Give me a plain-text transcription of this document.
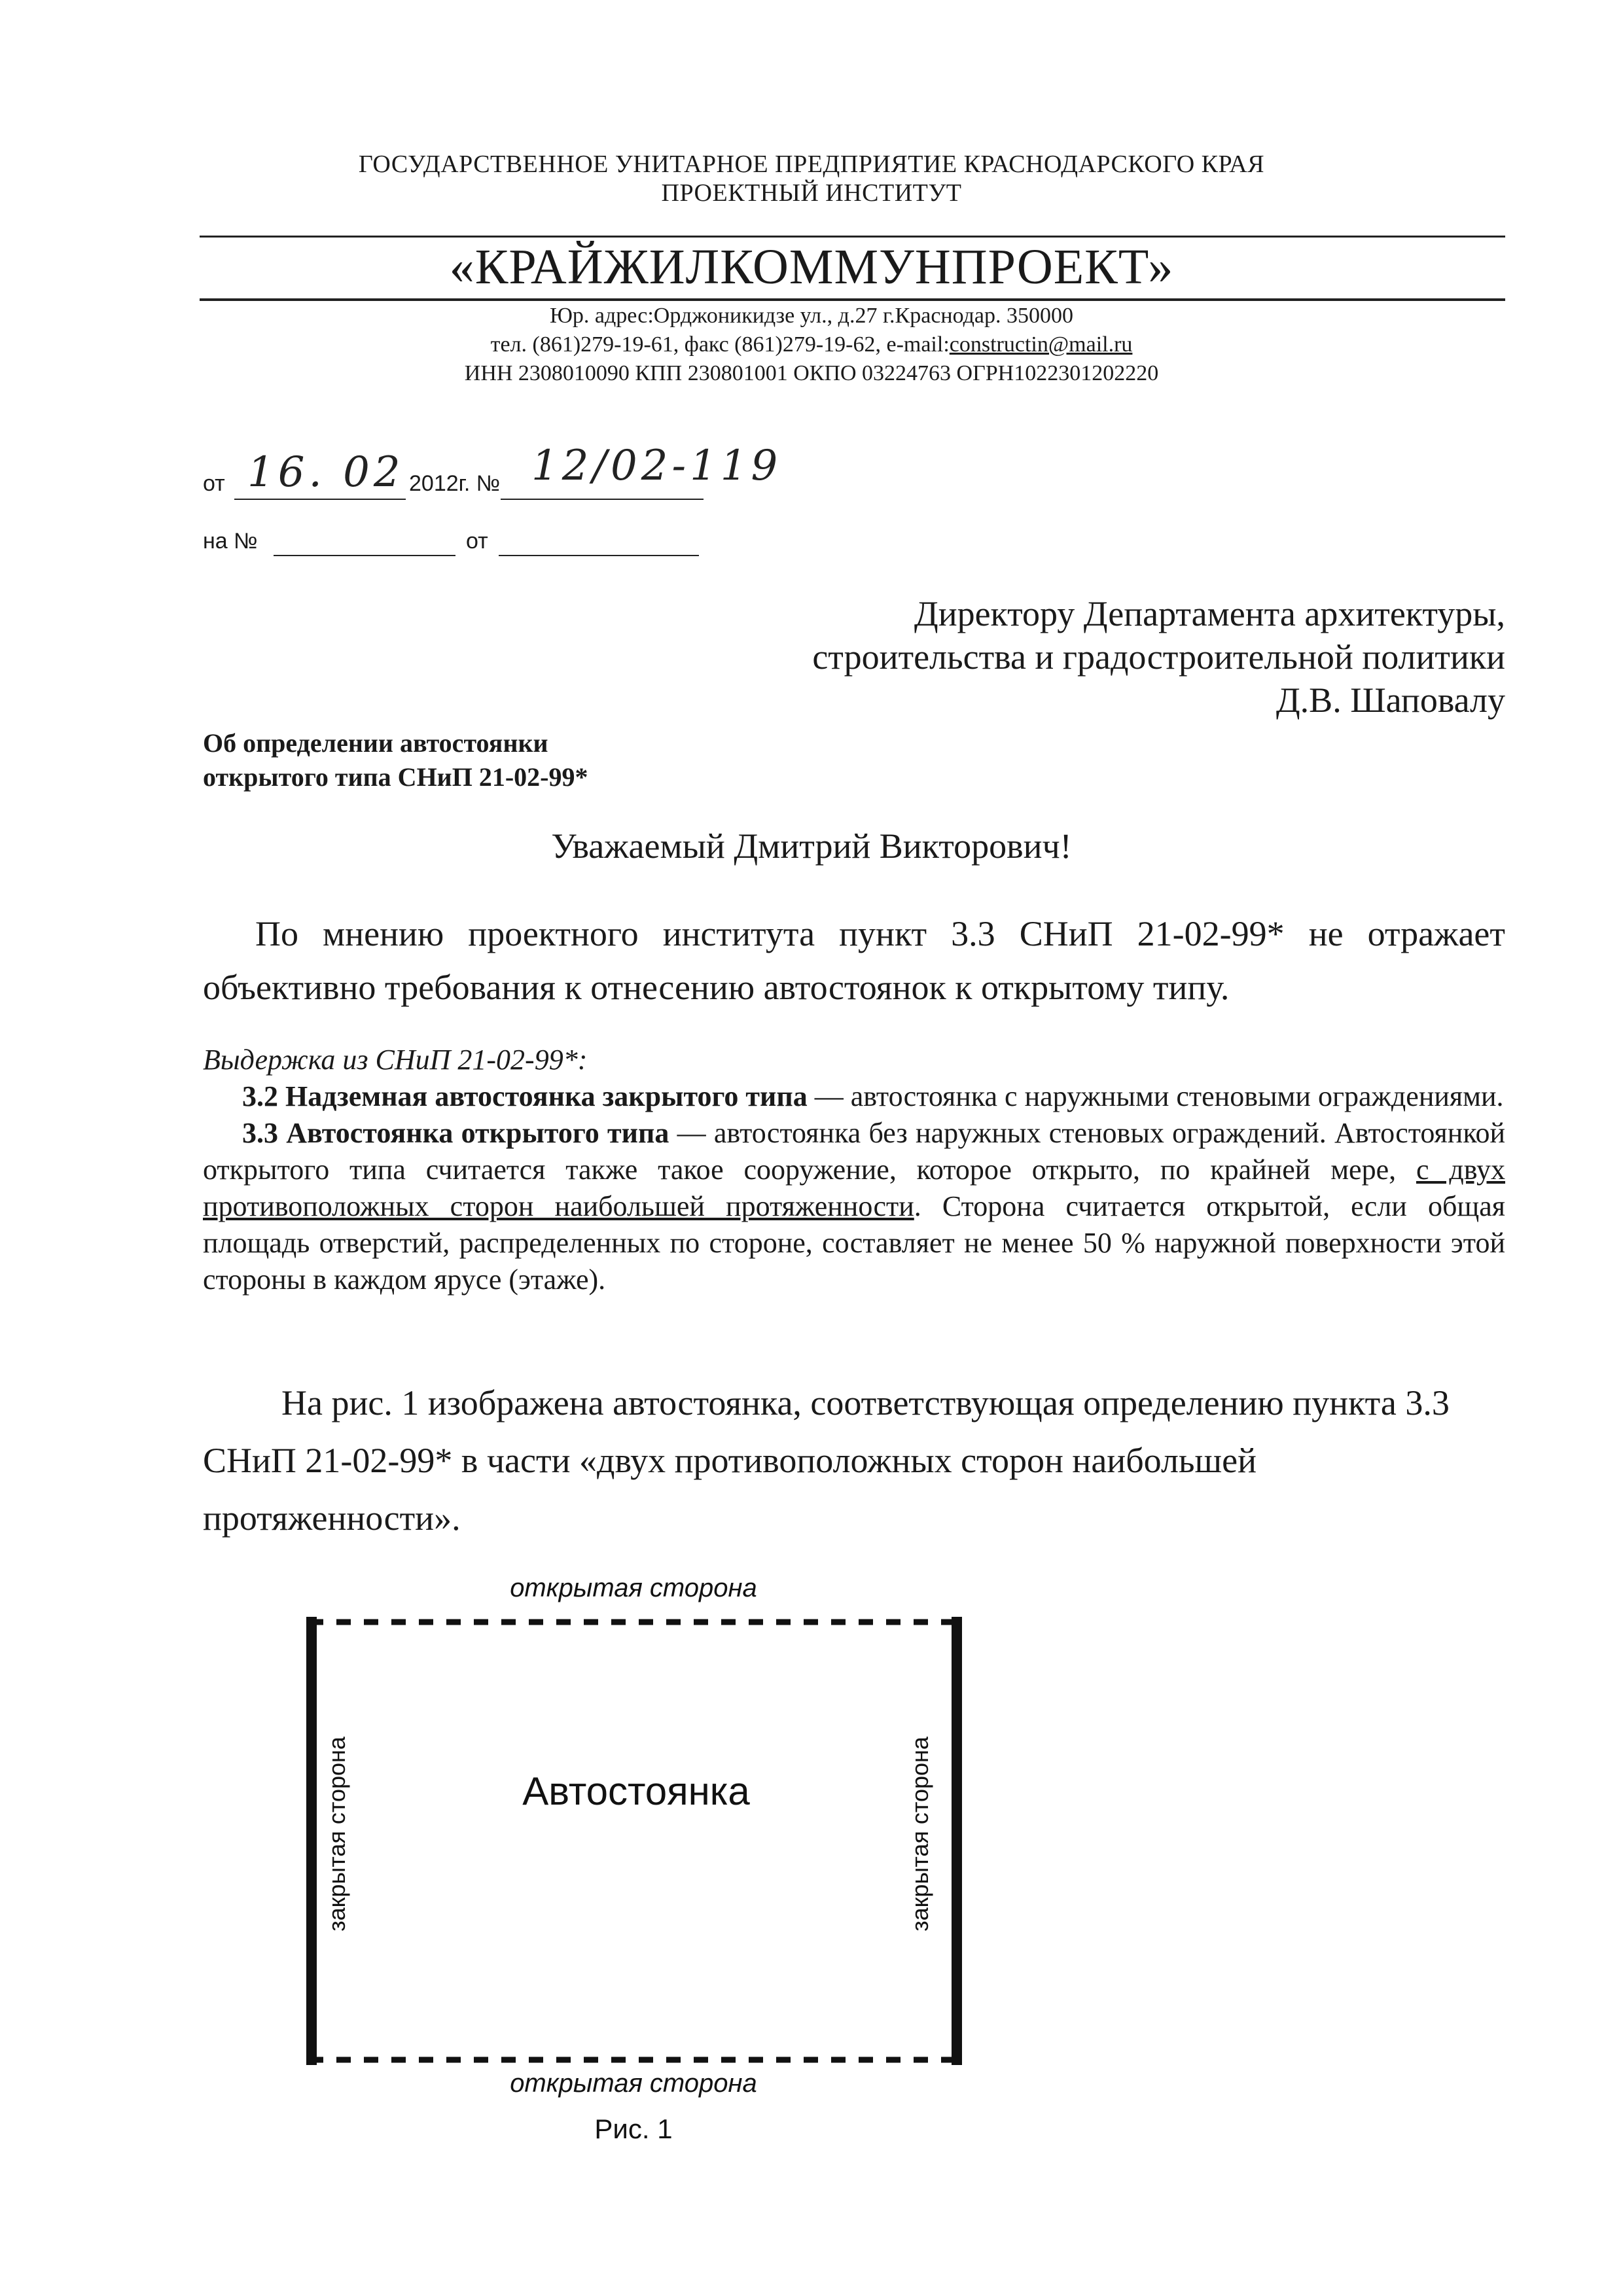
ГОСУДАРСТВЕННОЕ УНИТАРНОЕ ПРЕДПРИЯТИЕ КРАСНОДАРСКОГО КРАЯ
ПРОЕКТНЫЙ ИНСТИТУТ
«КРАЙЖИЛКОММУНПРОЕКТ»
Юр. адрес:Орджоникидзе ул., д.27 г.Краснодар. 350000
тел. (861)279-19-61, факс (861)279-19-62, e-mail:constructin@mail.ru
ИНН 2308010090 КПП 230801001 ОКПО 03224763 ОГРН1022301202220
от 16. 02 2012г. № 12/02-119
на №	от
Директору Департамента архитектуры,
строительства и градостроительной политики
Д.В. Шаповалу
Об определении автостоянки
открытого типа СНиП 21-02-99*
Уважаемый Дмитрий Викторович!
По мнению проектного института пункт 3.3 СНиП 21-02-99* не отражает объективно требования к отнесению автостоянок к открытому типу.
Выдержка из СНиП 21-02-99*:

3.2 Надземная автостоянка закрытого типа — автостоянка с наружными стеновыми ограждениями.

3.3 Автостоянка открытого типа — автостоянка без наружных стеновых ограждений. Автостоянкой открытого типа считается также такое сооружение, которое открыто, по крайней мере, с двух противоположных сторон наибольшей протяженности. Сторона считается открытой, если общая площадь отверстий, распределенных по стороне, составляет не менее 50 % наружной поверхности этой стороны в каждом ярусе (этаже).

На рис. 1 изображена автостоянка, соответствующая определению пункта 3.3 СНиП 21-02-99* в части «двух противоположных сторон наибольшей протяженности».
открытая сторона
открытая сторона
закрытая сторона	закрытая сторона
Автостоянка
Рис. 1
